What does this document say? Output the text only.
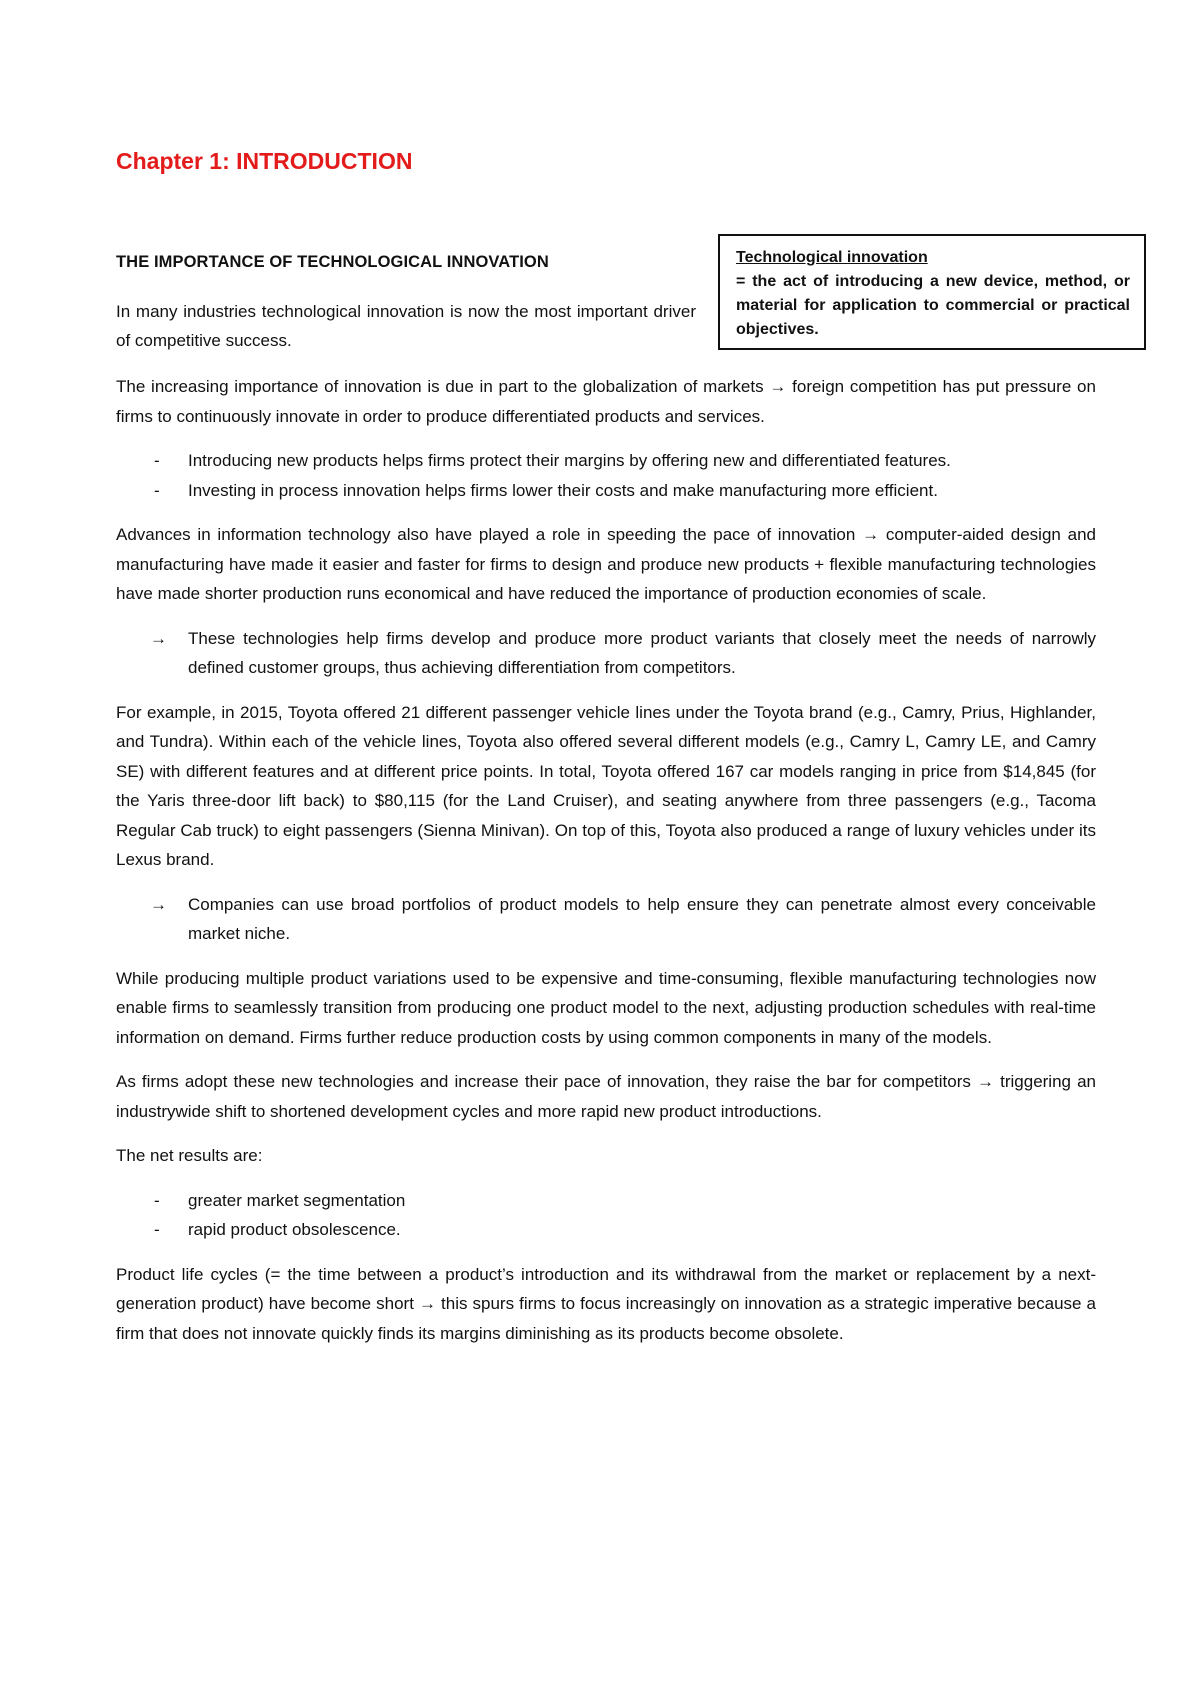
Chapter 1: INTRODUCTION
THE IMPORTANCE OF TECHNOLOGICAL INNOVATION

In many industries technological innovation is now the most important driver of competitive success.

Technological innovation
= the act of introducing a new device, method, or material for application to commercial or practical objectives.

The increasing importance of innovation is due in part to the globalization of markets → foreign competition has put pressure on firms to continuously innovate in order to produce differentiated products and services.

- Introducing new products helps firms protect their margins by offering new and differentiated features.
- Investing in process innovation helps firms lower their costs and make manufacturing more efficient.

Advances in information technology also have played a role in speeding the pace of innovation → computer-aided design and manufacturing have made it easier and faster for firms to design and produce new products + flexible manufacturing technologies have made shorter production runs economical and have reduced the importance of production economies of scale.

→ These technologies help firms develop and produce more product variants that closely meet the needs of narrowly defined customer groups, thus achieving differentiation from competitors.

For example, in 2015, Toyota offered 21 different passenger vehicle lines under the Toyota brand (e.g., Camry, Prius, Highlander, and Tundra). Within each of the vehicle lines, Toyota also offered several different models (e.g., Camry L, Camry LE, and Camry SE) with different features and at different price points. In total, Toyota offered 167 car models ranging in price from $14,845 (for the Yaris three-door lift back) to $80,115 (for the Land Cruiser), and seating anywhere from three passengers (e.g., Tacoma Regular Cab truck) to eight passengers (Sienna Minivan). On top of this, Toyota also produced a range of luxury vehicles under its Lexus brand.

→ Companies can use broad portfolios of product models to help ensure they can penetrate almost every conceivable market niche.

While producing multiple product variations used to be expensive and time-consuming, flexible manufacturing technologies now enable firms to seamlessly transition from producing one product model to the next, adjusting production schedules with real-time information on demand. Firms further reduce production costs by using common components in many of the models.

As firms adopt these new technologies and increase their pace of innovation, they raise the bar for competitors → triggering an industrywide shift to shortened development cycles and more rapid new product introductions.

The net results are:

- greater market segmentation
- rapid product obsolescence.

Product life cycles (= the time between a product’s introduction and its withdrawal from the market or replacement by a next-generation product) have become short → this spurs firms to focus increasingly on innovation as a strategic imperative because a firm that does not innovate quickly finds its margins diminishing as its products become obsolete.
